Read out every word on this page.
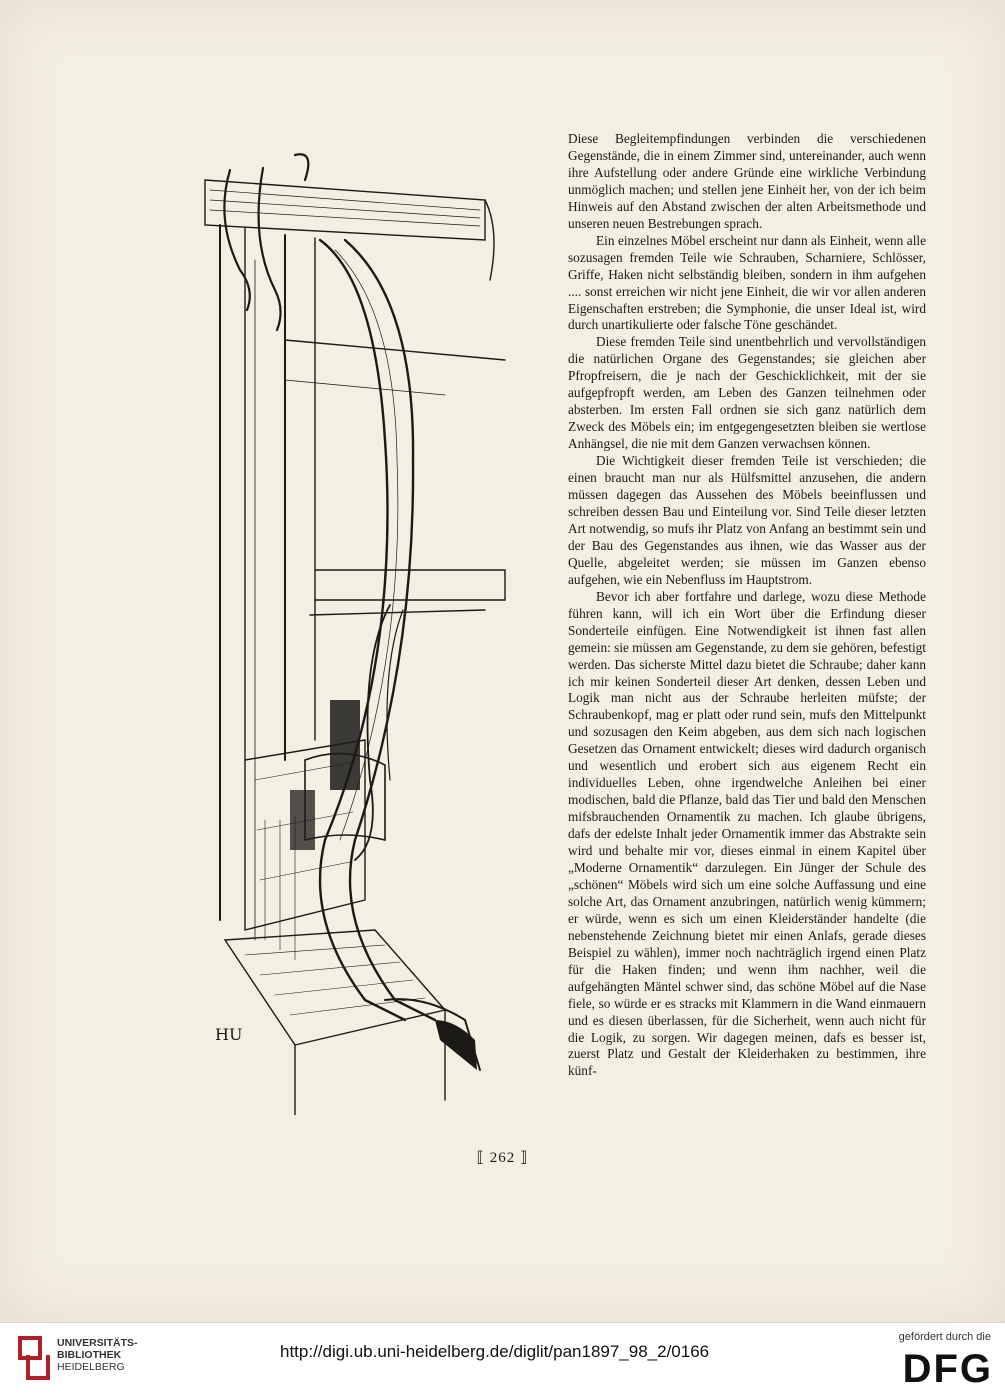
HU

Diese Begleitempfindungen verbinden die verschiedenen Gegenstände, die in einem Zimmer sind, untereinander, auch wenn ihre Aufstellung oder andere Gründe eine wirkliche Verbindung unmöglich machen; und stellen jene Einheit her, von der ich beim Hinweis auf den Abstand zwischen der alten Arbeitsmethode und unseren neuen Bestrebungen sprach.

Ein einzelnes Möbel erscheint nur dann als Einheit, wenn alle sozusagen fremden Teile wie Schrauben, Scharniere, Schlösser, Griffe, Haken nicht selbständig bleiben, sondern in ihm aufgehen .... sonst erreichen wir nicht jene Einheit, die wir vor allen anderen Eigenschaften erstreben; die Symphonie, die unser Ideal ist, wird durch unartikulierte oder falsche Töne geschändet.

Diese fremden Teile sind unentbehrlich und vervollständigen die natürlichen Organe des Gegenstandes; sie gleichen aber Pfropfreisern, die je nach der Geschicklichkeit, mit der sie aufgepfropft werden, am Leben des Ganzen teilnehmen oder absterben. Im ersten Fall ordnen sie sich ganz natürlich dem Zweck des Möbels ein; im entgegengesetzten bleiben sie wertlose Anhängsel, die nie mit dem Ganzen verwachsen können.

Die Wichtigkeit dieser fremden Teile ist verschieden; die einen braucht man nur als Hülfsmittel anzusehen, die andern müssen dagegen das Aussehen des Möbels beeinflussen und schreiben dessen Bau und Einteilung vor. Sind Teile dieser letzten Art notwendig, so mufs ihr Platz von Anfang an bestimmt sein und der Bau des Gegenstandes aus ihnen, wie das Wasser aus der Quelle, abgeleitet werden; sie müssen im Ganzen ebenso aufgehen, wie ein Nebenfluss im Hauptstrom.

Bevor ich aber fortfahre und darlege, wozu diese Methode führen kann, will ich ein Wort über die Erfindung dieser Sonderteile einfügen. Eine Notwendigkeit ist ihnen fast allen gemein: sie müssen am Gegenstande, zu dem sie gehören, befestigt werden. Das sicherste Mittel dazu bietet die Schraube; daher kann ich mir keinen Sonderteil dieser Art denken, dessen Leben und Logik man nicht aus der Schraube herleiten müfste; der Schraubenkopf, mag er platt oder rund sein, mufs den Mittelpunkt und sozusagen den Keim abgeben, aus dem sich nach logischen Gesetzen das Ornament entwickelt; dieses wird dadurch organisch und wesentlich und erobert sich aus eigenem Recht ein individuelles Leben, ohne irgendwelche Anleihen bei einer modischen, bald die Pflanze, bald das Tier und bald den Menschen mifsbrauchenden Ornamentik zu machen. Ich glaube übrigens, dafs der edelste Inhalt jeder Ornamentik immer das Abstrakte sein wird und behalte mir vor, dieses einmal in einem Kapitel über „Moderne Ornamentik“ darzulegen. Ein Jünger der Schule des „schönen“ Möbels wird sich um eine solche Auffassung und eine solche Art, das Ornament anzubringen, natürlich wenig kümmern; er würde, wenn es sich um einen Kleiderständer handelte (die nebenstehende Zeichnung bietet mir einen Anlafs, gerade dieses Beispiel zu wählen), immer noch nachträglich irgend einen Platz für die Haken finden; und wenn ihm nachher, weil die aufgehängten Mäntel schwer sind, das schöne Möbel auf die Nase fiele, so würde er es stracks mit Klammern in die Wand einmauern und es diesen überlassen, für die Sicherheit, wenn auch nicht für die Logik, zu sorgen. Wir dagegen meinen, dafs es besser ist, zuerst Platz und Gestalt der Kleiderhaken zu bestimmen, ihre künf-

⟦ 262 ⟧
UNIVERSITÄTS-
BIBLIOTHEK
HEIDELBERG
http://digi.ub.uni-heidelberg.de/diglit/pan1897_98_2/0166
gefördert durch die
DFG
